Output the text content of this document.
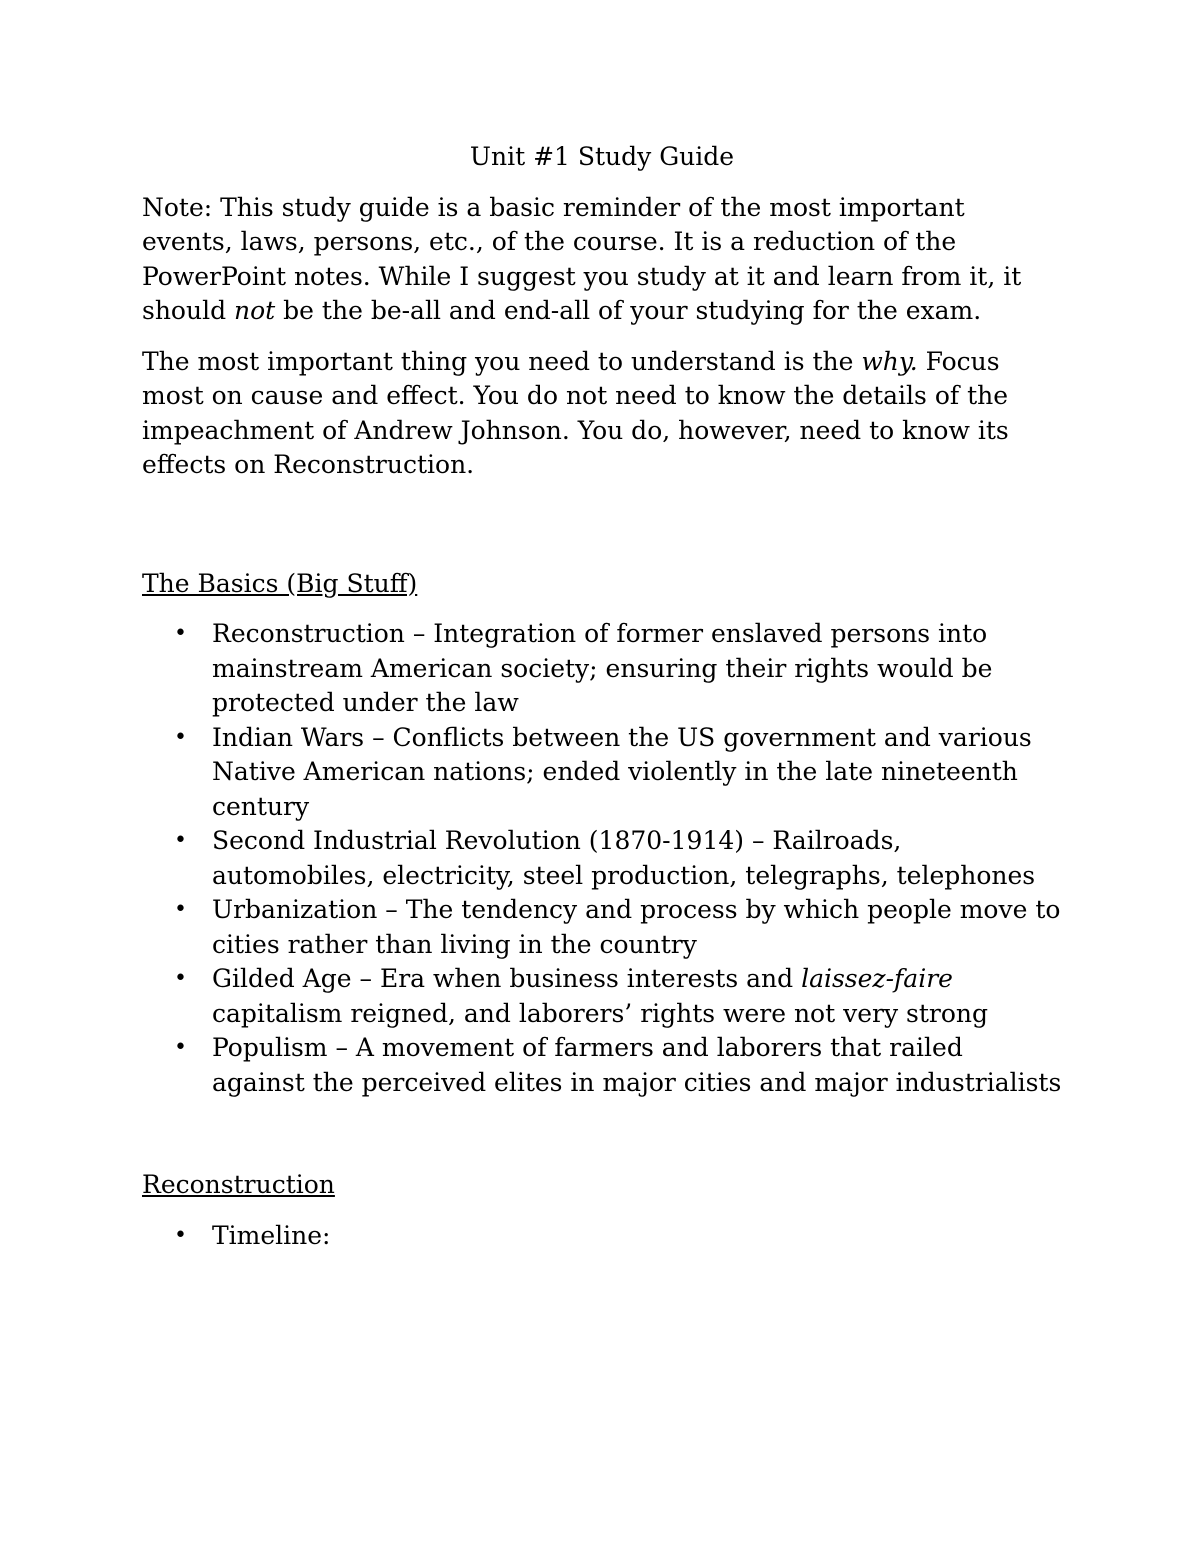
Unit #1 Study Guide

Note: This study guide is a basic reminder of the most important events, laws, persons, etc., of the course. It is a reduction of the PowerPoint notes. While I suggest you study at it and learn from it, it should not be the be-all and end-all of your studying for the exam.

The most important thing you need to understand is the why. Focus most on cause and effect. You do not need to know the details of the impeachment of Andrew Johnson. You do, however, need to know its effects on Reconstruction.

The Basics (Big Stuff)
• Reconstruction – Integration of former enslaved persons into mainstream American society; ensuring their rights would be protected under the law
• Indian Wars – Conflicts between the US government and various Native American nations; ended violently in the late nineteenth century
• Second Industrial Revolution (1870-1914) – Railroads, automobiles, electricity, steel production, telegraphs, telephones
• Urbanization – The tendency and process by which people move to cities rather than living in the country
• Gilded Age – Era when business interests and laissez-faire capitalism reigned, and laborers’ rights were not very strong
• Populism – A movement of farmers and laborers that railed against the perceived elites in major cities and major industrialists
Reconstruction
• Timeline:
